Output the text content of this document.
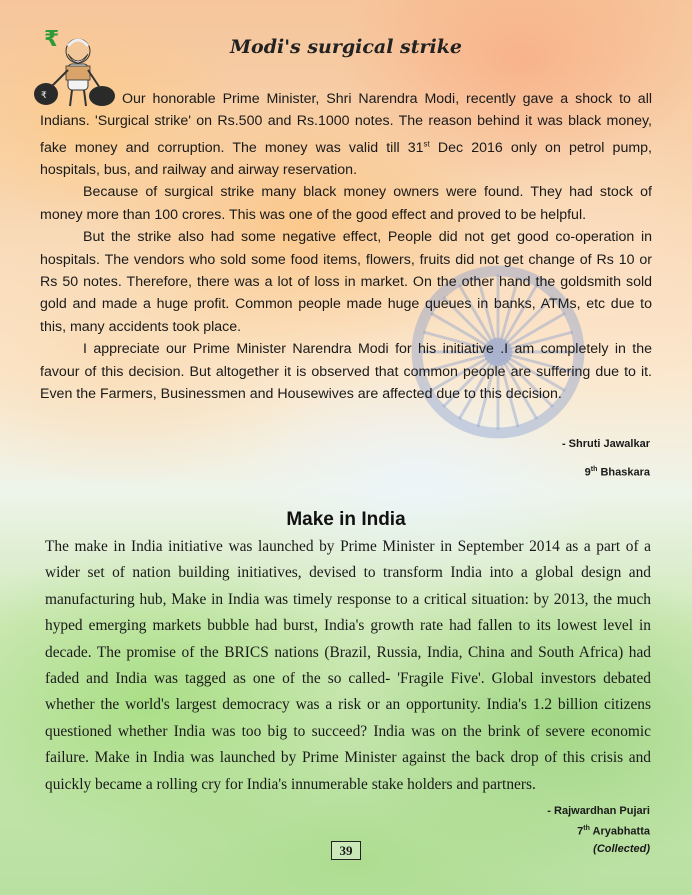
₹
₹	Modi's surgical strike

Our honorable Prime Minister, Shri Narendra Modi, recently gave a shock to all Indians. 'Surgical strike' on Rs.500 and Rs.1000 notes. The reason behind it was black money, fake money and corruption. The money was valid till 31st Dec 2016 only on petrol pump, hospitals, bus, and railway and airway reservation.

Because of surgical strike many black money owners were found. They had stock of money more than 100 crores. This was one of the good effect and proved to be helpful.

But the strike also had some negative effect, People did not get good co-operation in hospitals. The vendors who sold some food items, flowers, fruits did not get change of Rs 10 or Rs 50 notes. Therefore, there was a lot of loss in market. On the other hand the goldsmith sold gold and made a huge profit. Common people made huge queues in banks, ATMs, etc due to this, many accidents took place.

I appreciate our Prime Minister Narendra Modi for his initiative .I am completely in the favour of this decision. But altogether it is observed that common people are suffering due to it. Even the Farmers, Businessmen and Housewives are affected due to this decision.

- Shruti Jawalkar
9th Bhaskara
Make in India

The make in India initiative was launched by Prime Minister in September 2014 as a part of a wider set of nation building initiatives, devised to transform India into a global design and manufacturing hub, Make in India was timely response to a critical situation: by 2013, the much hyped emerging markets bubble had burst, India's growth rate had fallen to its lowest level in decade. The promise of the BRICS nations (Brazil, Russia, India, China and South Africa) had faded and India was tagged as one of the so called- 'Fragile Five'. Global investors debated whether the world's largest democracy was a risk or an opportunity. India's 1.2 billion citizens questioned whether India was too big to succeed? India was on the brink of severe economic failure. Make in India was launched by Prime Minister against the back drop of this crisis and quickly became a rolling cry for India's innumerable stake holders and partners.

- Rajwardhan Pujari
7th Aryabhatta
(Collected)
39
